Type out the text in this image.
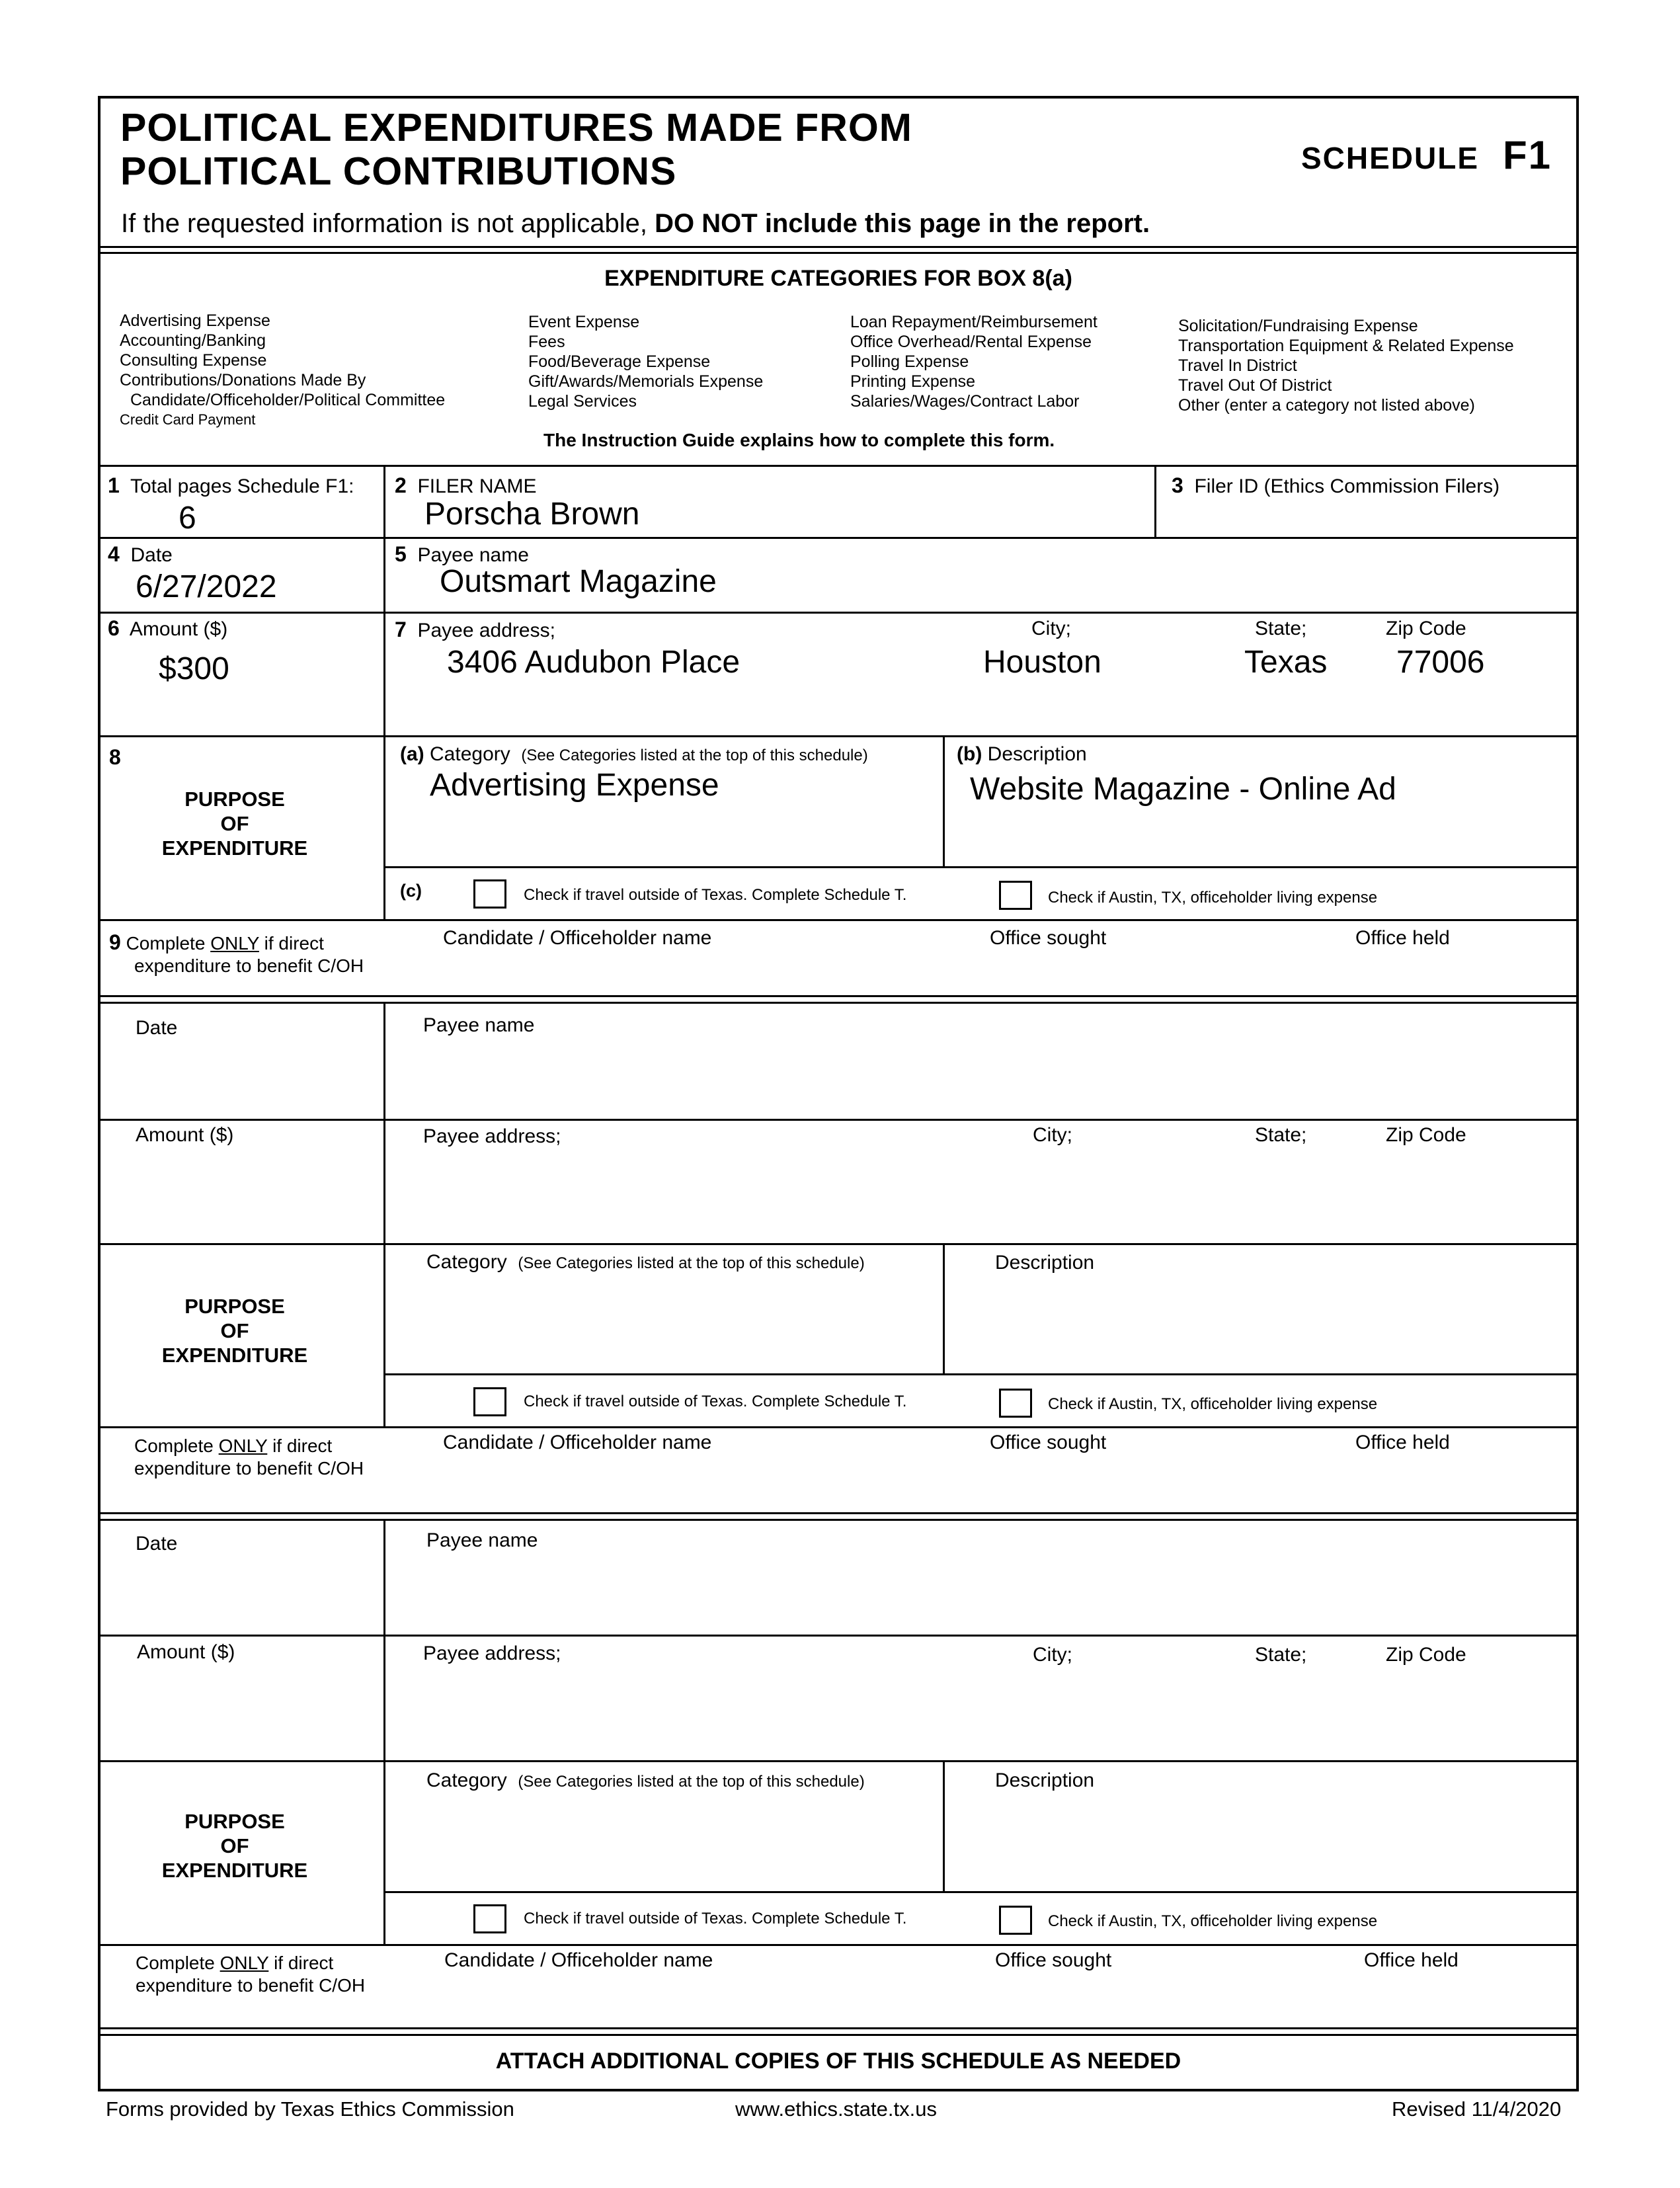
POLITICAL EXPENDITURES MADE FROM
POLITICAL CONTRIBUTIONS	SCHEDULE F1
If the requested information is not applicable, DO NOT include this page in the report.
EXPENDITURE CATEGORIES FOR BOX 8(a)
Advertising Expense
Accounting/Banking
Consulting Expense
Contributions/Donations Made By
Candidate/Officeholder/Political Committee
Credit Card Payment
Event Expense
Fees
Food/Beverage Expense
Gift/Awards/Memorials Expense
Legal Services
Loan Repayment/Reimbursement
Office Overhead/Rental Expense
Polling Expense
Printing Expense
Salaries/Wages/Contract Labor
Solicitation/Fundraising Expense
Transportation Equipment & Related Expense
Travel In District
Travel Out Of District
Other (enter a category not listed above)
The Instruction Guide explains how to complete this form.
1 Total pages Schedule F1:
6
2 FILER NAME
Porscha Brown
3 Filer ID (Ethics Commission Filers)
4 Date
6/27/2022
5 Payee name
Outsmart Magazine
6 Amount ($)
$300
7 Payee address;
3406 Audubon Place
City;
Houston
State;
Texas
Zip Code
77006
8
PURPOSE
OF
EXPENDITURE
(a) Category (See Categories listed at the top of this schedule)
Advertising Expense
(b) Description
Website Magazine - Online Ad
(c)	Check if travel outside of Texas. Complete Schedule T.	Check if Austin, TX, officeholder living expense
9 Complete ONLY if direct
expenditure to benefit C/OH
Candidate / Officeholder name	Office sought	Office held
Date	Payee name
Amount ($)	Payee address;	City;	State;	Zip Code
PURPOSE
OF
EXPENDITURE
Category (See Categories listed at the top of this schedule)	Description
Check if travel outside of Texas. Complete Schedule T.	Check if Austin, TX, officeholder living expense
Complete ONLY if direct
expenditure to benefit C/OH
Candidate / Officeholder name	Office sought	Office held
Date	Payee name
Amount ($)	Payee address;	City;	State;	Zip Code
PURPOSE
OF
EXPENDITURE
Category (See Categories listed at the top of this schedule)	Description
Check if travel outside of Texas. Complete Schedule T.	Check if Austin, TX, officeholder living expense
Complete ONLY if direct
expenditure to benefit C/OH
Candidate / Officeholder name	Office sought	Office held
ATTACH ADDITIONAL COPIES OF THIS SCHEDULE AS NEEDED
Forms provided by Texas Ethics Commission	www.ethics.state.tx.us	Revised 11/4/2020
